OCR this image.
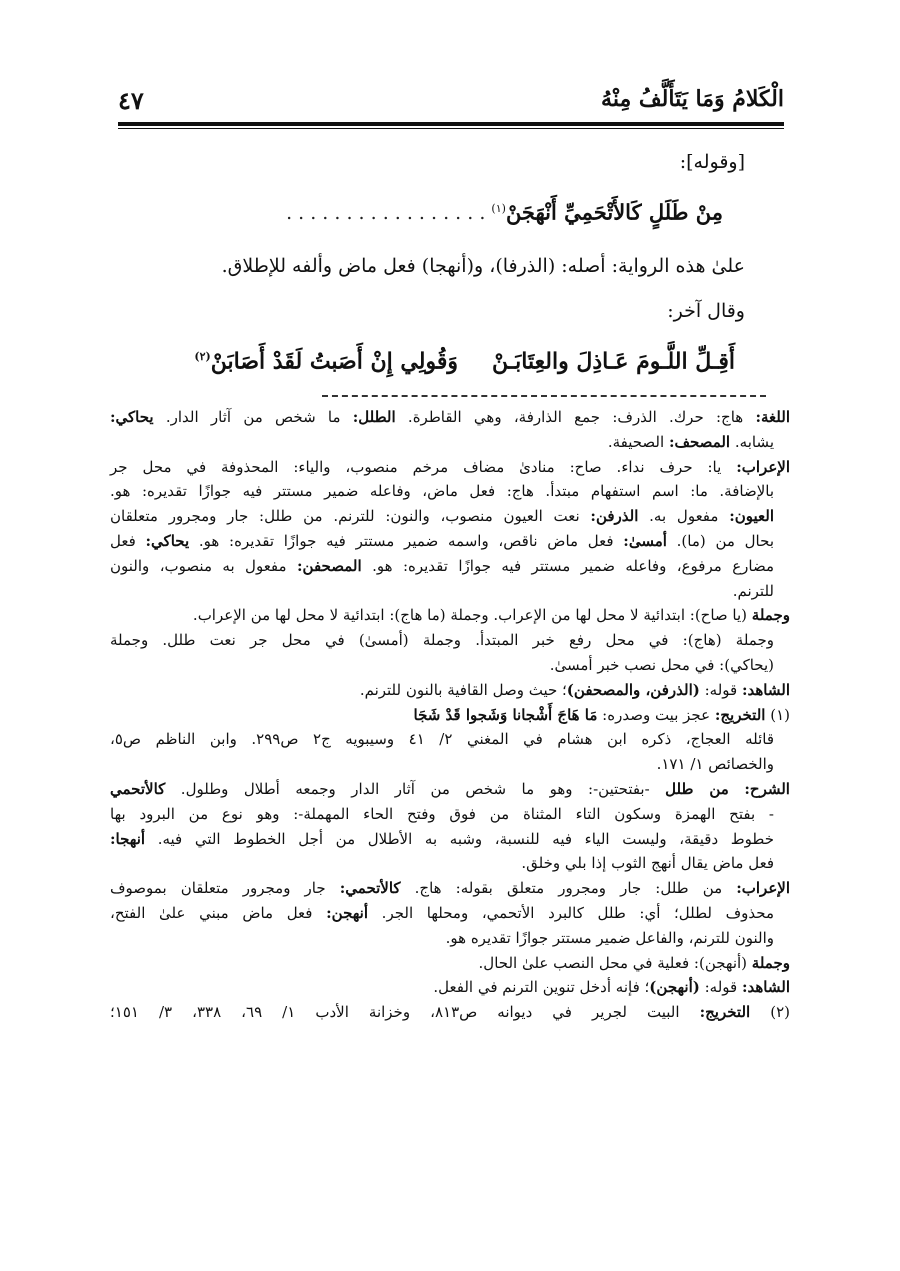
الْكَلامُ وَمَا يَتَأَلَّفُ مِنْهُ
٤٧
[وقوله]:
مِنْ طَلَلٍ كَالأَتْحَمِيِّ أَنْهَجَنْ$^{(١)}$ . . . . . . . . . . . . . . . . .
علىٰ هذه الرواية: أصله: (الذرفا)، و(أنهجا) فعل ماض وألفه للإطلاق.
وقال آخر:
أَقِـلِّ اللَّـومَ عَـاذِلَ والعِتَابَـنْوَقُولِي إِنْ أَصَبتُ لَقَدْ أَصَابَنْ$^{(٢)}$
اللغة: هاج: حرك. الذرف: جمع الذارفة، وهي القاطرة. الطلل: ما شخص من آثار الدار. يحاكي:
يشابه. المصحف: الصحيفة.
الإعراب: يا: حرف نداء. صاح: منادىٰ مضاف مرخم منصوب، والياء: المحذوفة في محل جر
بالإضافة. ما: اسم استفهام مبتدأ. هاج: فعل ماض، وفاعله ضمير مستتر فيه جوازًا تقديره: هو.
العيون: مفعول به. الذرفن: نعت العيون منصوب، والنون: للترنم. من طلل: جار ومجرور متعلقان
بحال من (ما). أمسىٰ: فعل ماض ناقص، واسمه ضمير مستتر فيه جوازًا تقديره: هو. يحاكي: فعل
مضارع مرفوع، وفاعله ضمير مستتر فيه جوازًا تقديره: هو. المصحفن: مفعول به منصوب، والنون
للترنم.
وجملة (يا صاح): ابتدائية لا محل لها من الإعراب. وجملة (ما هاج): ابتدائية لا محل لها من الإعراب.
وجملة (هاج): في محل رفع خبر المبتدأ. وجملة (أمسىٰ) في محل جر نعت طلل. وجملة
(يحاكي): في محل نصب خبر أمسىٰ.
الشاهد: قوله: (الذرفن، والمصحفن)؛ حيث وصل القافية بالنون للترنم.
(١) التخريج: عجز بيت وصدره: مَا هَاجَ أَشْجانا وَشَجوا قَدْ شَجَا
قائله العجاج، ذكره ابن هشام في المغني ٢/ ٤١ وسيبويه ج٢ ص٢٩٩. وابن الناظم ص٥،
والخصائص ١/ ١٧١.
الشرح: من طلل -بفتحتين-: وهو ما شخص من آثار الدار وجمعه أطلال وطلول. كالأتحمي
- بفتح الهمزة وسكون التاء المثناة من فوق وفتح الحاء المهملة-: وهو نوع من البرود بها
خطوط دقيقة، وليست الياء فيه للنسبة، وشبه به الأطلال من أجل الخطوط التي فيه. أنهجا:
فعل ماض يقال أنهج الثوب إذا بلي وخلق.
الإعراب: من طلل: جار ومجرور متعلق بقوله: هاج. كالأتحمي: جار ومجرور متعلقان بموصوف
محذوف لطلل؛ أي: طلل كالبرد الأتحمي، ومحلها الجر. أنهجن: فعل ماض مبني علىٰ الفتح،
والنون للترنم، والفاعل ضمير مستتر جوازًا تقديره هو.
وجملة (أنهجن): فعلية في محل النصب علىٰ الحال.
الشاهد: قوله: (أنهجن)؛ فإنه أدخل تنوين الترنم في الفعل.
(٢) التخريج: البيت لجرير في ديوانه ص٨١٣، وخزانة الأدب ١/ ٦٩، ٣٣٨، ٣/ ١٥١؛
